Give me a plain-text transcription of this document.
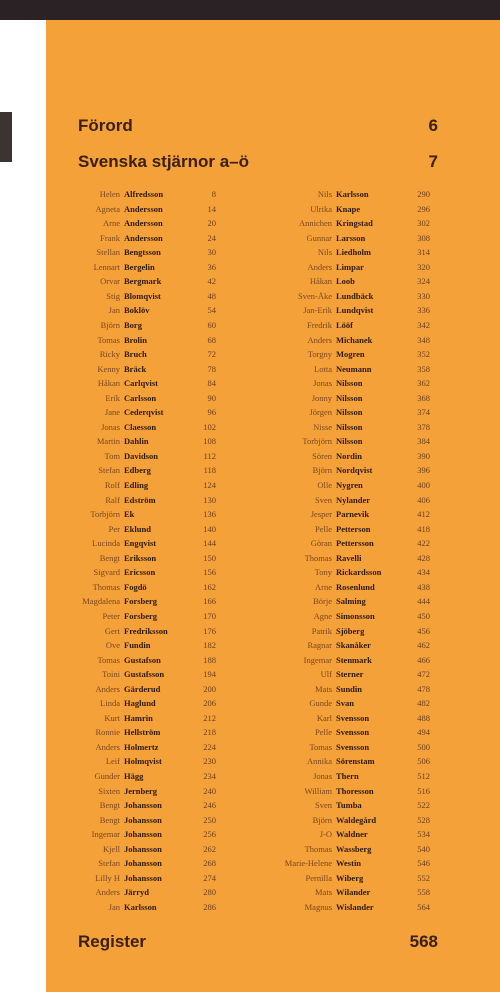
Förord	6
Svenska stjärnor a–ö	7
Helen Alfredsson	8
Agneta Andersson	14
Arne Andersson	20
Frank Andersson	24
Stellan Bengtsson	30
Lennart Bergelin	36
Orvar Bergmark	42
Stig Blomqvist	48
Jan Boklöv	54
Björn Borg	60
Tomas Brolin	68
Ricky Bruch	72
Kenny Bräck	78
Håkan Carlqvist	84
Erik Carlsson	90
Jane Cederqvist	96
Jonas Claesson	102
Martin Dahlin	108
Tom Davidson	112
Stefan Edberg	118
Rolf Edling	124
Ralf Edström	130
Torbjörn Ek	136
Per Eklund	140
Lucinda Engqvist	144
Bengt Eriksson	150
Sigvard Ericsson	156
Thomas Fogdö	162
Magdalena Forsberg	166
Peter Forsberg	170
Gert Fredriksson	176
Ove Fundin	182
Tomas Gustafson	188
Toini Gustafsson	194
Anders Gärderud	200
Linda Haglund	206
Kurt Hamrin	212
Ronnie Hellström	218
Anders Holmertz	224
Leif Holmqvist	230
Gunder Hägg	234
Sixten Jernberg	240
Bengt Johansson	246
Bengt Johansson	250
Ingemar Johansson	256
Kjell Johansson	262
Stefan Johansson	268
Lilly H Johansson	274
Anders Järryd	280
Jan Karlsson	286
Nils Karlsson	290
Ulrika Knape	296
Annichen Kringstad	302
Gunnar Larsson	308
Nils Liedholm	314
Anders Limpar	320
Håkan Loob	324
Sven-Åke Lundbäck	330
Jan-Erik Lundqvist	336
Fredrik Lööf	342
Anders Michanek	348
Torgny Mogren	352
Lotta Neumann	358
Jonas Nilsson	362
Jonny Nilsson	368
Jörgen Nilsson	374
Nisse Nilsson	378
Torbjörn Nilsson	384
Sören Nordin	390
Björn Nordqvist	396
Olle Nygren	400
Sven Nylander	406
Jesper Parnevik	412
Pelle Petterson	418
Göran Pettersson	422
Thomas Ravelli	428
Tony Rickardsson	434
Arne Rosenlund	438
Börje Salming	444
Agne Simonsson	450
Patrik Sjöberg	456
Ragnar Skanåker	462
Ingemar Stenmark	466
Ulf Sterner	472
Mats Sundin	478
Gunde Svan	482
Karl Svensson	488
Pelle Svensson	494
Tomas Svensson	500
Annika Sörenstam	506
Jonas Thern	512
William Thoresson	516
Sven Tumba	522
Björn Waldegård	528
J-O Waldner	534
Thomas Wassberg	540
Marie-Helene Westin	546
Pernilla Wiberg	552
Mats Wilander	558
Magnus Wislander	564
Register	568
